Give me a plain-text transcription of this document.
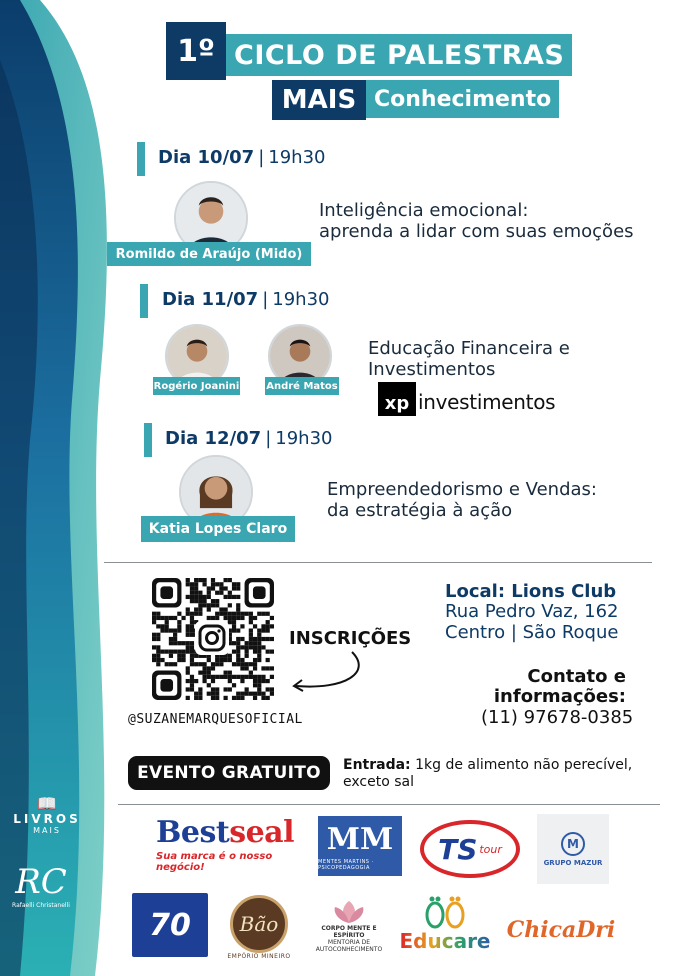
📖
LIVROS
MAIS
RC
Rafaelli Christanelli
1º CICLO DE PALESTRAS
MAIS Conhecimento
Dia 10/07 | 19h30
Romildo de Araújo (Mido)
Inteligência emocional:
aprenda a lidar com suas emoções
Dia 11/07 | 19h30
Rogério Joanini	André Matos
Educação Financeira e
Investimentos
xp investimentos
Dia 12/07 | 19h30
Katia Lopes Claro
Empreendedorismo e Vendas:
da estratégia à ação
INSCRIÇÕES
@SUZANEMARQUESOFICIAL
Local: Lions Club
Rua Pedro Vaz, 162
Centro | São Roque
Contato e
informações:
(11) 97678-0385
EVENTO GRATUITO	Entrada: 1kg de alimento não perecível,
exceto sal
Bestseal
Sua marca é o nosso negócio!
MM
MENTES MARTINS · PSICOPEDAGOGIA
TS tour	M
GRUPO MAZUR
70	Bão
EMPÓRIO MINEIRO
CORPO MENTE E ESPÍRITO
MENTORIA DE AUTOCONHECIMENTO Educare ChicaDri
